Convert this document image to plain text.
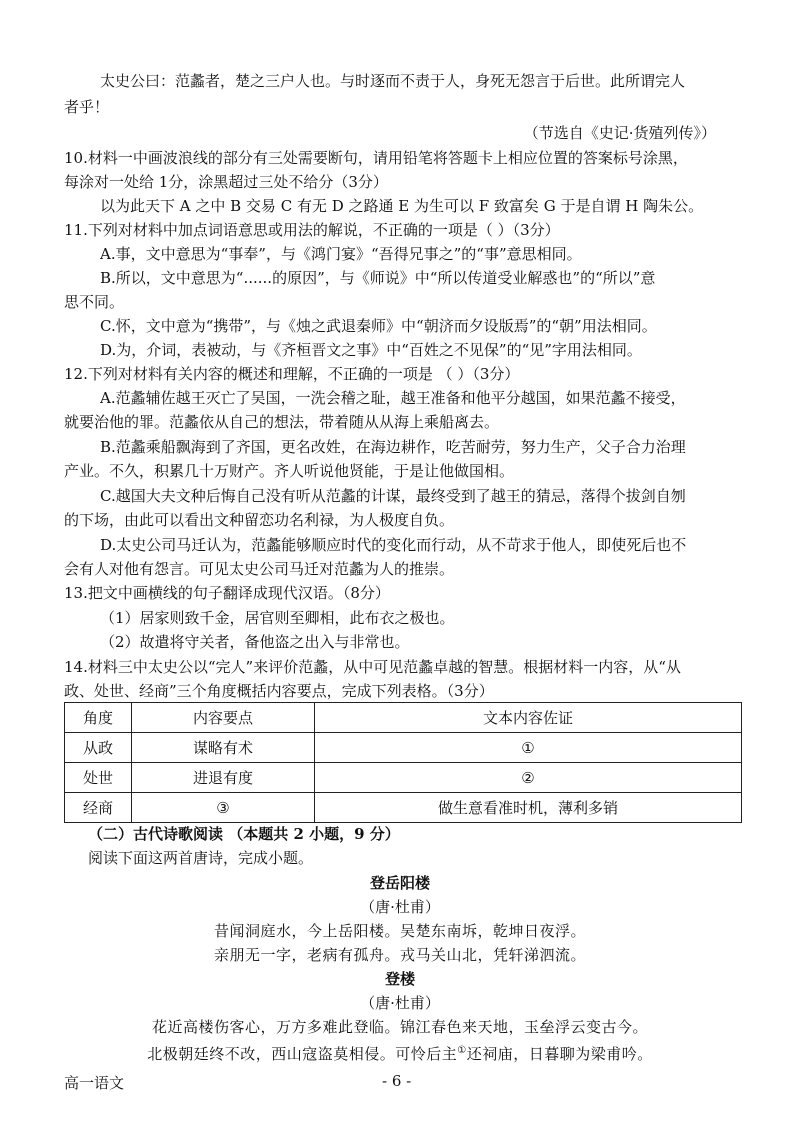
太史公曰：范蠡者，楚之三户人也。与时逐而不责于人，身死无怨言于后世。此所谓完人
者乎！
（节选自《史记·货殖列传》）
10.材料一中画波浪线的部分有三处需要断句，请用铅笔将答题卡上相应位置的答案标号涂黑，
每涂对一处给 1分，涂黑超过三处不给分（3分）
以为此天下 A 之中 B 交易 C 有无 D 之路通 E 为生可以 F 致富矣 G 于是自谓 H 陶朱公。
11.下列对材料中加点词语意思或用法的解说，不正确的一项是（ ）（3分）
A.事，文中意思为“事奉”，与《鸿门宴》“吾得兄事之”的“事”意思相同。
B.所以，文中意思为“......的原因”，与《师说》中“所以传道受业解惑也”的“所以”意
思不同。
C.怀，文中意为“携带”，与《烛之武退秦师》中“朝济而夕设版焉”的“朝”用法相同。
D.为，介词，表被动，与《齐桓晋文之事》中“百姓之不见保”的“见”字用法相同。
12.下列对材料有关内容的概述和理解，不正确的一项是 （ ）（3分）
A.范蠡辅佐越王灭亡了吴国，一洗会稽之耻，越王准备和他平分越国，如果范蠡不接受，
就要治他的罪。范蠡依从自己的想法，带着随从从海上乘船离去。
B.范蠡乘船飘海到了齐国，更名改姓，在海边耕作，吃苦耐劳，努力生产，父子合力治理
产业。不久，积累几十万财产。齐人听说他贤能，于是让他做国相。
C.越国大夫文种后悔自己没有听从范蠡的计谋，最终受到了越王的猜忌，落得个拔剑自刎
的下场，由此可以看出文种留恋功名利禄，为人极度自负。
D.太史公司马迁认为，范蠡能够顺应时代的变化而行动，从不苛求于他人，即使死后也不
会有人对他有怨言。可见太史公司马迁对范蠡为人的推崇。
13.把文中画横线的句子翻译成现代汉语。（8分）
（1）居家则致千金，居官则至卿相，此布衣之极也。
（2）故遣将守关者，备他盗之出入与非常也。
14.材料三中太史公以“完人”来评价范蠡，从中可见范蠡卓越的智慧。根据材料一内容，从“从
政、处世、经商”三个角度概括内容要点，完成下列表格。（3分）
角度	内容要点	文本内容佐证
从政	谋略有术	①
处世	进退有度	②
经商	③	做生意看准时机，薄利多销
（二）古代诗歌阅读 （本题共 2 小题，9 分）
阅读下面这两首唐诗，完成小题。
登岳阳楼
（唐·杜甫）
昔闻洞庭水，今上岳阳楼。吴楚东南坼，乾坤日夜浮。
亲朋无一字，老病有孤舟。戎马关山北，凭轩涕泗流。
登楼
（唐·杜甫）
花近高楼伤客心，万方多难此登临。锦江春色来天地，玉垒浮云变古今。
北极朝廷终不改，西山寇盗莫相侵。可怜后主①还祠庙，日暮聊为梁甫吟。
高一语文	- 6 -
